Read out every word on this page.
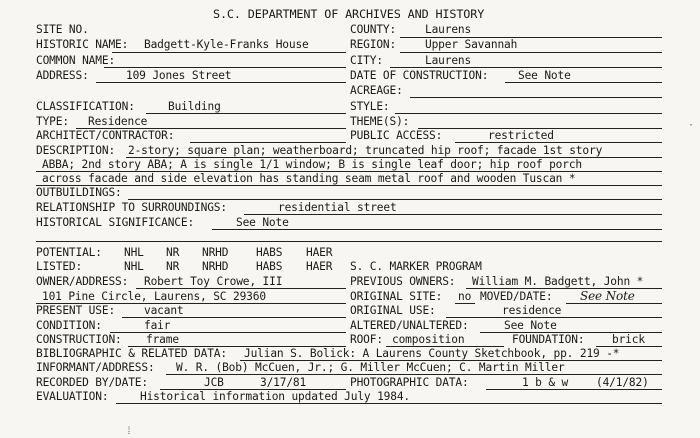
S.C. DEPARTMENT OF ARCHIVES AND HISTORY
SITE NO.	COUNTY:	Laurens
HISTORIC NAME: Badgett-Kyle-Franks House	REGION:	Upper Savannah
COMMON NAME:	CITY:	Laurens
ADDRESS:	109 Jones Street	DATE OF CONSTRUCTION:	See Note
ACREAGE:
CLASSIFICATION:	Building	STYLE:
TYPE: Residence	THEME(S):
ARCHITECT/CONTRACTOR:	PUBLIC ACCESS:	restricted
DESCRIPTION: 2-story; square plan; weatherboard; truncated hip roof; facade 1st story
ABBA; 2nd story ABA; A is single 1/1 window; B is single leaf door; hip roof porch
across facade and side elevation has standing seam metal roof and wooden Tuscan *
OUTBUILDINGS:
RELATIONSHIP TO SURROUNDINGS:	residential street
HISTORICAL SIGNIFICANCE:	See Note
POTENTIAL: NHL NR NRHD HABS HAER
LISTED:	NHL NR NRHD HABS HAER S. C. MARKER PROGRAM
OWNER/ADDRESS: Robert Toy Crowe, III	PREVIOUS OWNERS: William M. Badgett, John *
101 Pine Circle, Laurens, SC 29360	ORIGINAL SITE: no MOVED/DATE: See Note
PRESENT USE:	vacant	ORIGINAL USE:	residence
CONDITION:	fair	ALTERED/UNALTERED:	See Note
CONSTRUCTION: frame	ROOF: composition	FOUNDATION: brick
BIBLIOGRAPHIC & RELATED DATA: Julian S. Bolick: A Laurens County Sketchbook, pp. 219 -*
INFORMANT/ADDRESS: W. R. (Bob) McCuen, Jr.; G. Miller McCuen; C. Martin Miller
RECORDED BY/DATE:	JCB	3/17/81	PHOTOGRAPHIC DATA:	1 b & w (4/1/82)
EVALUATION:	Historical information updated July 1984.
⁞
·
